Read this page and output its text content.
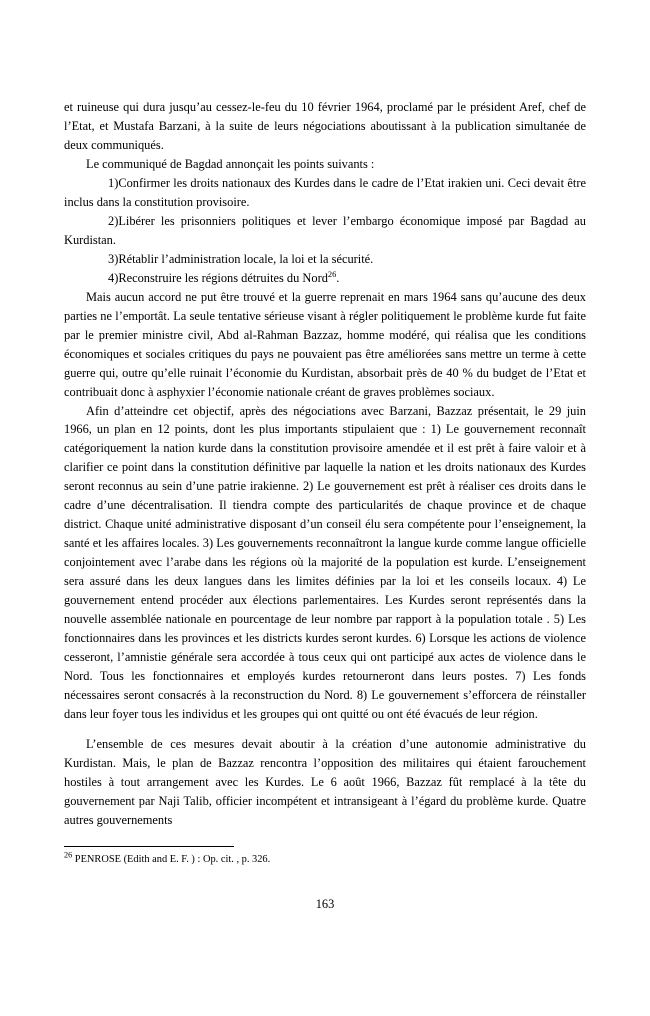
et ruineuse qui dura jusqu’au cessez-le-feu du 10 février 1964, proclamé par le président Aref, chef de l’Etat, et Mustafa Barzani, à la suite de leurs négociations aboutissant à la publication simultanée de deux communiqués.

Le communiqué de Bagdad annonçait les points suivants :

1)Confirmer les droits nationaux des Kurdes dans le cadre de l’Etat irakien uni. Ceci devait être inclus dans la constitution provisoire.

2)Libérer les prisonniers politiques et lever l’embargo économique imposé par Bagdad au Kurdistan.

3)Rétablir l’administration locale, la loi et la sécurité.

4)Reconstruire les régions détruites du Nord$^{26}$.

Mais aucun accord ne put être trouvé et la guerre reprenait en mars 1964 sans qu’aucune des deux parties ne l’emportât. La seule tentative sérieuse visant à régler politiquement le problème kurde fut faite par le premier ministre civil, Abd al-Rahman Bazzaz, homme modéré, qui réalisa que les conditions économiques et sociales critiques du pays ne pouvaient pas être améliorées sans mettre un terme à cette guerre qui, outre qu’elle ruinait l’économie du Kurdistan, absorbait près de 40 % du budget de l’Etat et contribuait donc à asphyxier l’économie nationale créant de graves problèmes sociaux.

Afin d’atteindre cet objectif, après des négociations avec Barzani, Bazzaz présentait, le 29 juin 1966, un plan en 12 points, dont les plus importants stipulaient que : 1) Le gouvernement reconnaît catégoriquement la nation kurde dans la constitution provisoire amendée et il est prêt à faire valoir et à clarifier ce point dans la constitution définitive par laquelle la nation et les droits nationaux des Kurdes seront reconnus au sein d’une patrie irakienne. 2) Le gouvernement est prêt à réaliser ces droits dans le cadre d’une décentralisation. Il tiendra compte des particularités de chaque province et de chaque district. Chaque unité administrative disposant d’un conseil élu sera compétente pour l’enseignement, la santé et les affaires locales. 3) Les gouvernements reconnaîtront la langue kurde comme langue officielle conjointement avec l’arabe dans les régions où la majorité de la population est kurde. L’enseignement sera assuré dans les deux langues dans les limites définies par la loi et les conseils locaux. 4) Le gouvernement entend procéder aux élections parlementaires. Les Kurdes seront représentés dans la nouvelle assemblée nationale en pourcentage de leur nombre par rapport à la population totale . 5) Les fonctionnaires dans les provinces et les districts kurdes seront kurdes. 6) Lorsque les actions de violence cesseront, l’amnistie générale sera accordée à tous ceux qui ont participé aux actes de violence dans le Nord. Tous les fonctionnaires et employés kurdes retourneront dans leurs postes. 7) Les fonds nécessaires seront consacrés à la reconstruction du Nord. 8) Le gouvernement s’efforcera de réinstaller dans leur foyer tous les individus et les groupes qui ont quitté ou ont été évacués de leur région.

L’ensemble de ces mesures devait aboutir à la création d’une autonomie administrative du Kurdistan. Mais, le plan de Bazzaz rencontra l’opposition des militaires qui étaient farouchement hostiles à tout arrangement avec les Kurdes. Le 6 août 1966, Bazzaz fût remplacé à la tête du gouvernement par Naji Talib, officier incompétent et intransigeant à l’égard du problème kurde. Quatre autres gouvernements

$^{26}$ PENROSE (Edith and E. F. ) : Op. cit. , p. 326.
163
